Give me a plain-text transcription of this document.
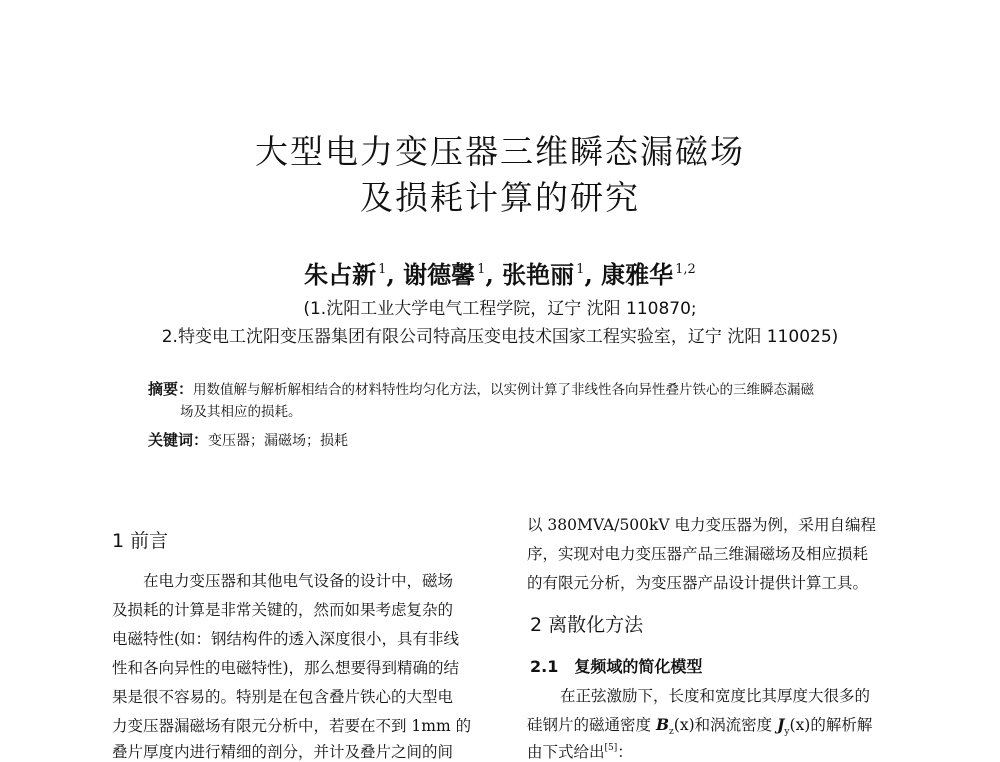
大型电力变压器三维瞬态漏磁场
及损耗计算的研究
朱占新 $^1$, 谢德馨 $^1$, 张艳丽 $^1$, 康雅华 $^{1,2}$
(1.沈阳工业大学电气工程学院，辽宁 沈阳 110870;
2.特变电工沈阳变压器集团有限公司特高压变电技术国家工程实验室，辽宁 沈阳 110025)
摘要：用数值解与解析解相结合的材料特性均匀化方法，以实例计算了非线性各向异性叠片铁心的三维瞬态漏磁
场及其相应的损耗。
关键词：变压器；漏磁场；损耗
1 前言
在电力变压器和其他电气设备的设计中，磁场
及损耗的计算是非常关键的，然而如果考虑复杂的
电磁特性(如：钢结构件的透入深度很小，具有非线
性和各向异性的电磁特性)，那么想要得到精确的结
果是很不容易的。特别是在包含叠片铁心的大型电
力变压器漏磁场有限元分析中，若要在不到 1mm 的
叠片厚度内进行精细的剖分，并计及叠片之间的间
以 380MVA/500kV 电力变压器为例，采用自编程
序，实现对电力变压器产品三维漏磁场及相应损耗
的有限元分析，为变压器产品设计提供计算工具。
2 离散化方法
2.1 复频域的简化模型
在正弦激励下，长度和宽度比其厚度大很多的
硅钢片的磁通密度 $B_z(x)$和涡流密度 $J_y(x)$的解析解
由下式给出[5]：
